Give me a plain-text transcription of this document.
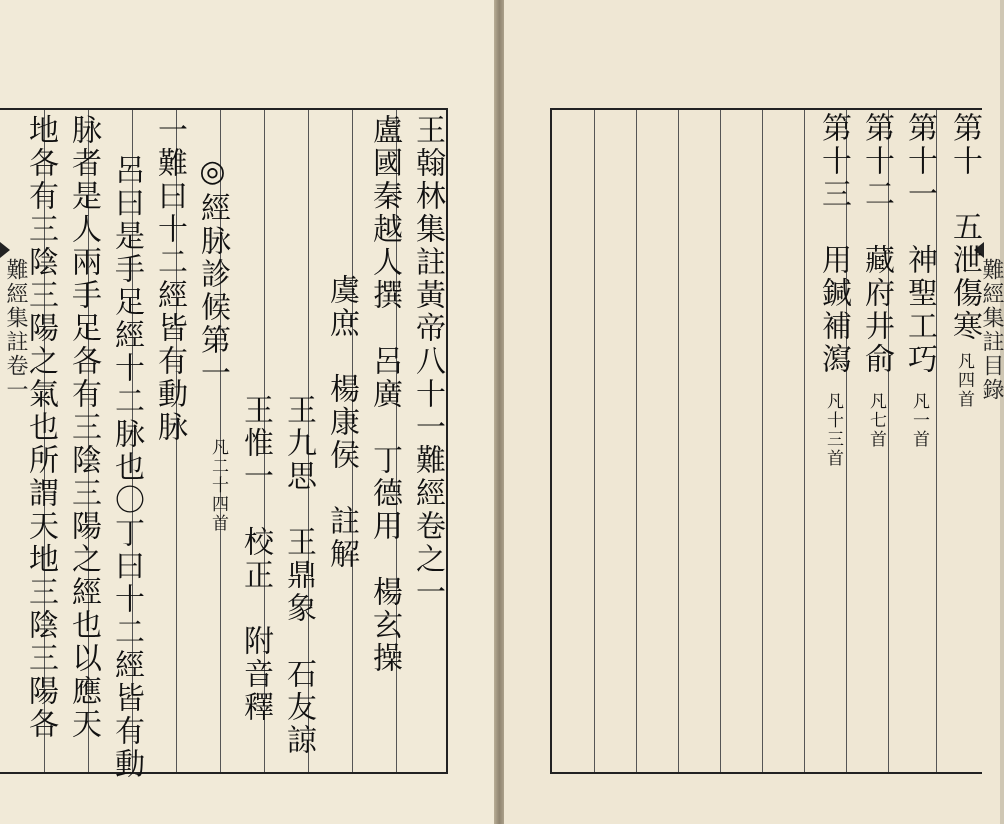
難經集註卷一	王翰林集註黃帝八十一難經卷之一
盧國秦越人撰　呂廣　丁德用　楊玄操
虞庶　楊康侯　註解
王九思　王鼎象　石友諒
王惟一　校正　附音釋
◎經脉診候第一
凡二十四首
一難曰十二經皆有動脉
呂曰是手足經十二脉也〇丁曰十二經皆有動
脉者是人兩手足各有三陰三陽之經也以應天
地各有三陰三陽之氣也所謂天地三陰三陽各	難經集註目錄
第十　五泄傷寒
凡四首
第十一　神聖工巧
凡一首
第十二　藏府井俞
凡七首
第十三　用鍼補瀉
凡十三首
